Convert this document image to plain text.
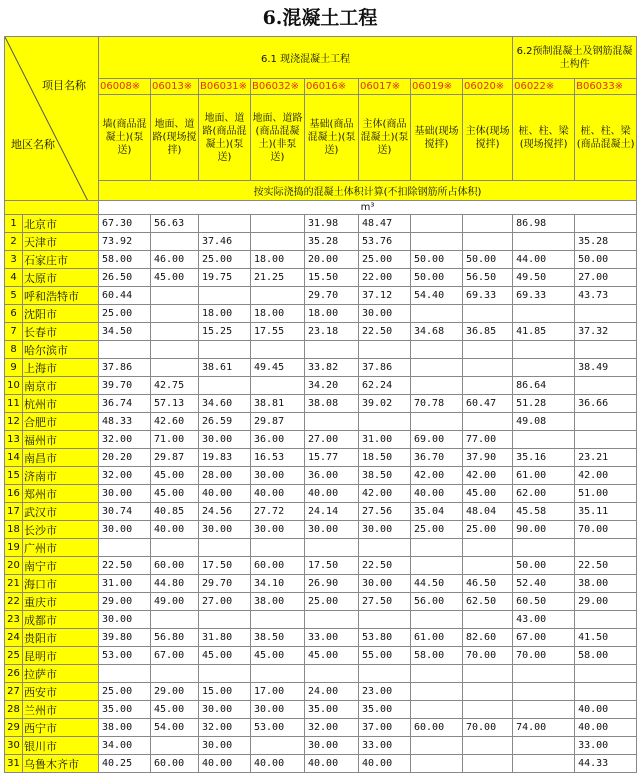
6.混凝土工程
项目名称
地区名称		6.1 现浇混凝土工程								6.2预制混凝土及钢筋混凝土构件	
		06008※	06013※	B06031※	B06032※	06016※	06017※	06019※	06020※	06022※	B06033※
		墙(商品混凝土)(泵送)	地面、道路(现场搅拌)	地面、道路(商品混凝土)(泵送)	地面、道路(商品混凝土)(非泵送)	基础(商品混凝土)(泵送)	主体(商品混凝土)(泵送)	基础(现场搅拌)	主体(现场搅拌)	桩、柱、梁(现场搅拌)	桩、柱、梁(商品混凝土)
		按实际浇捣的混凝土体积计算(不扣除钢筋所占体积)									
		m³									
1	北京市	67.30	56.63			31.98	48.47			86.98	
2	天津市	73.92		37.46		35.28	53.76				35.28
3	石家庄市	58.00	46.00	25.00	18.00	20.00	25.00	50.00	50.00	44.00	50.00
4	太原市	26.50	45.00	19.75	21.25	15.50	22.00	50.00	56.50	49.50	27.00
5	呼和浩特市	60.44				29.70	37.12	54.40	69.33	69.33	43.73
6	沈阳市	25.00		18.00	18.00	18.00	30.00				
7	长春市	34.50		15.25	17.55	23.18	22.50	34.68	36.85	41.85	37.32
8	哈尔滨市										
9	上海市	37.86		38.61	49.45	33.82	37.86				38.49
10	南京市	39.70	42.75			34.20	62.24			86.64	
11	杭州市	36.74	57.13	34.60	38.81	38.08	39.02	70.78	60.47	51.28	36.66
12	合肥市	48.33	42.60	26.59	29.87					49.08	
13	福州市	32.00	71.00	30.00	36.00	27.00	31.00	69.00	77.00		
14	南昌市	20.20	29.87	19.83	16.53	15.77	18.50	36.70	37.90	35.16	23.21
15	济南市	32.00	45.00	28.00	30.00	36.00	38.50	42.00	42.00	61.00	42.00
16	郑州市	30.00	45.00	40.00	40.00	40.00	42.00	40.00	45.00	62.00	51.00
17	武汉市	30.74	40.85	24.56	27.72	24.14	27.56	35.04	48.04	45.58	35.11
18	长沙市	30.00	40.00	30.00	30.00	30.00	30.00	25.00	25.00	90.00	70.00
19	广州市										
20	南宁市	22.50	60.00	17.50	60.00	17.50	22.50			50.00	22.50
21	海口市	31.00	44.80	29.70	34.10	26.90	30.00	44.50	46.50	52.40	38.00
22	重庆市	29.00	49.00	27.00	38.00	25.00	27.50	56.00	62.50	60.50	29.00
23	成都市	30.00								43.00	
24	贵阳市	39.80	56.80	31.80	38.50	33.00	53.80	61.00	82.60	67.00	41.50
25	昆明市	53.00	67.00	45.00	45.00	45.00	55.00	58.00	70.00	70.00	58.00
26	拉萨市										
27	西安市	25.00	29.00	15.00	17.00	24.00	23.00				
28	兰州市	35.00	45.00	30.00	30.00	35.00	35.00				40.00
29	西宁市	38.00	54.00	32.00	53.00	32.00	37.00	60.00	70.00	74.00	40.00
30	银川市	34.00		30.00		30.00	33.00				33.00
31	乌鲁木齐市	40.25	60.00	40.00	40.00	40.00	40.00				44.33
